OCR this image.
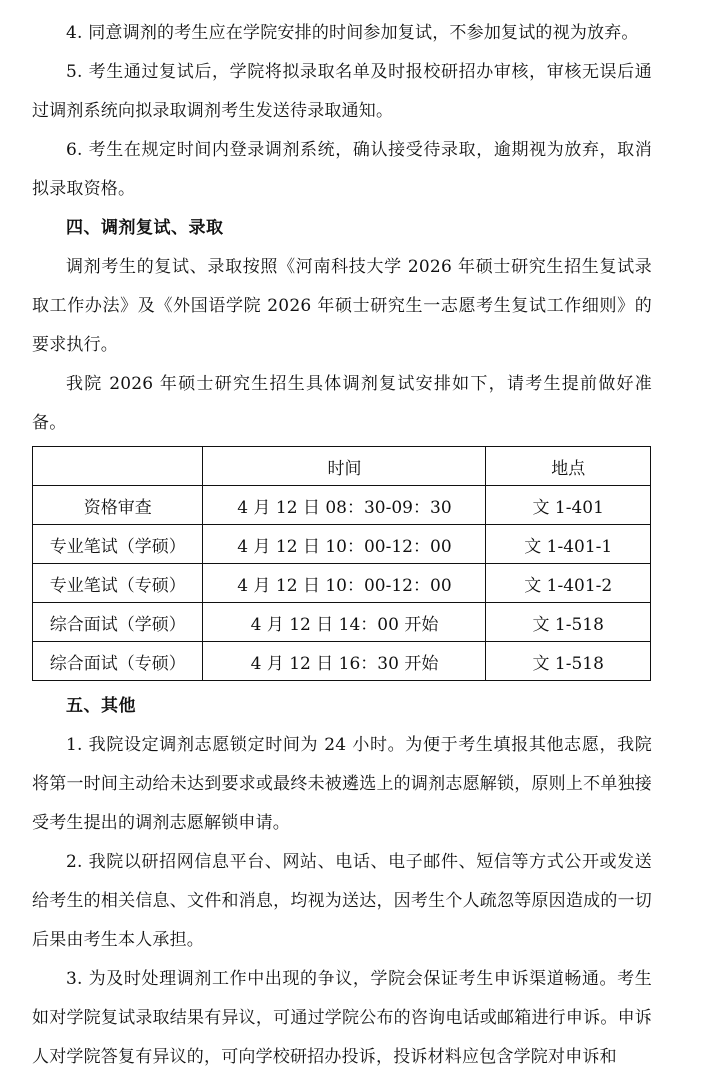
4. 同意调剂的考生应在学院安排的时间参加复试，不参加复试的视为放弃。

5. 考生通过复试后，学院将拟录取名单及时报校研招办审核，审核无误后通过调剂系统向拟录取调剂考生发送待录取通知。

6. 考生在规定时间内登录调剂系统，确认接受待录取，逾期视为放弃，取消拟录取资格。

四、调剂复试、录取

调剂考生的复试、录取按照《河南科技大学 2026 年硕士研究生招生复试录取工作办法》及《外国语学院 2026 年硕士研究生一志愿考生复试工作细则》的要求执行。

我院 2026 年硕士研究生招生具体调剂复试安排如下，请考生提前做好准备。

	时间	地点
资格审查	4 月 12 日 08：30-09：30	文 1-401
专业笔试（学硕）	4 月 12 日 10：00-12：00	文 1-401-1
专业笔试（专硕）	4 月 12 日 10：00-12：00	文 1-401-2
综合面试（学硕）	4 月 12 日 14：00 开始	文 1-518
综合面试（专硕）	4 月 12 日 16：30 开始	文 1-518

五、其他

1. 我院设定调剂志愿锁定时间为 24 小时。为便于考生填报其他志愿，我院将第一时间主动给未达到要求或最终未被遴选上的调剂志愿解锁，原则上不单独接受考生提出的调剂志愿解锁申请。

2. 我院以研招网信息平台、网站、电话、电子邮件、短信等方式公开或发送给考生的相关信息、文件和消息，均视为送达，因考生个人疏忽等原因造成的一切后果由考生本人承担。

3. 为及时处理调剂工作中出现的争议，学院会保证考生申诉渠道畅通。考生如对学院复试录取结果有异议，可通过学院公布的咨询电话或邮箱进行申诉。申诉人对学院答复有异议的，可向学校研招办投诉，投诉材料应包含学院对申诉和
